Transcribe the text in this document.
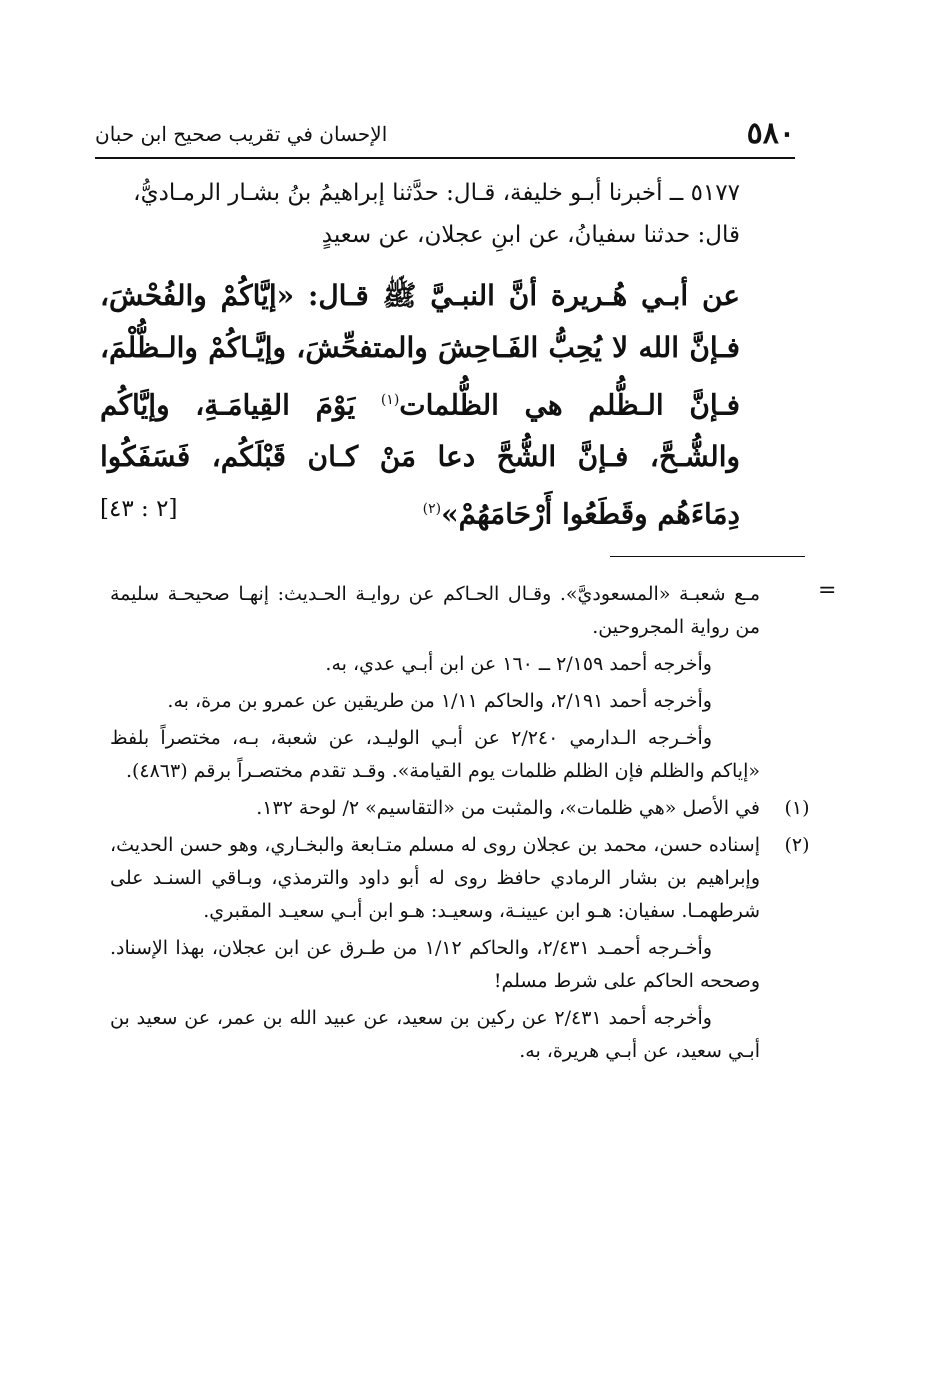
٥٨٠
الإحسان في تقريب صحيح ابن حبان

٥١٧٧ ــ أخبرنا أبـو خليفة، قـال: حدَّثنا إبراهيمُ بنُ بشـار الرمـاديُّ،
قال: حدثنا سفيانُ، عن ابنِ عجلان، عن سعيدٍ

عن أبـي هُـريرة أنَّ النبـيَّ ﷺ قـال: «إيَّاكُمْ والفُحْشَ، فـإنَّ الله لا يُحِبُّ الفَـاحِشَ والمتفحِّشَ، وإيَّـاكُمْ والـظُّلْمَ، فـإنَّ الـظُّلم هي الظُّلمات$^{(١)}$ يَوْمَ القِيامَـةِ، وإيَّاكُم والشُّـحَّ، فـإنَّ الشُّحَّ دعا مَنْ كـان قَبْلَكُم، فَسَفَكُوا دِمَاءَهُم وقَطَعُوا أَرْحَامَهُمْ»$^{(٢)}$
[٢ : ٤٣]

=

مـع شعبـة «المسعوديَّ». وقـال الحـاكم عن روايـة الحـديث: إنهـا صحيحـة سليمة من رواية المجروحين.

وأخرجه أحمد ٢/١٥٩ ــ ١٦٠ عن ابن أبـي عدي، به.

وأخرجه أحمد ٢/١٩١، والحاكم ١/١١ من طريقين عن عمرو بن مرة، به.

وأخـرجه الـدارمي ٢/٢٤٠ عن أبـي الوليـد، عن شعبة، بـه، مختصراً بلفظ «إياكم والظلم فإن الظلم ظلمات يوم القيامة». وقـد تقدم مختصـراً برقم (٤٨٦٣).

(١)

في الأصل «هي ظلمات»، والمثبت من «التقاسيم» ٢/ لوحة ١٣٢.

(٢)

إسناده حسن، محمد بن عجلان روى له مسلم متـابعة والبخـاري، وهو حسن الحديث، وإبراهيم بن بشار الرمادي حافظ روى له أبو داود والترمذي، وبـاقي السنـد على شرطهمـا. سفيان: هـو ابن عيينـة، وسعيـد: هـو ابن أبـي سعيـد المقبري.

وأخـرجه أحمـد ٢/٤٣١، والحاكم ١/١٢ من طـرق عن ابن عجلان، بهذا الإسناد. وصححه الحاكم على شرط مسلم!

وأخرجه أحمد ٢/٤٣١ عن ركين بن سعيد، عن عبيد الله بن عمر، عن سعيد بن أبـي سعيد، عن أبـي هريرة، به.
